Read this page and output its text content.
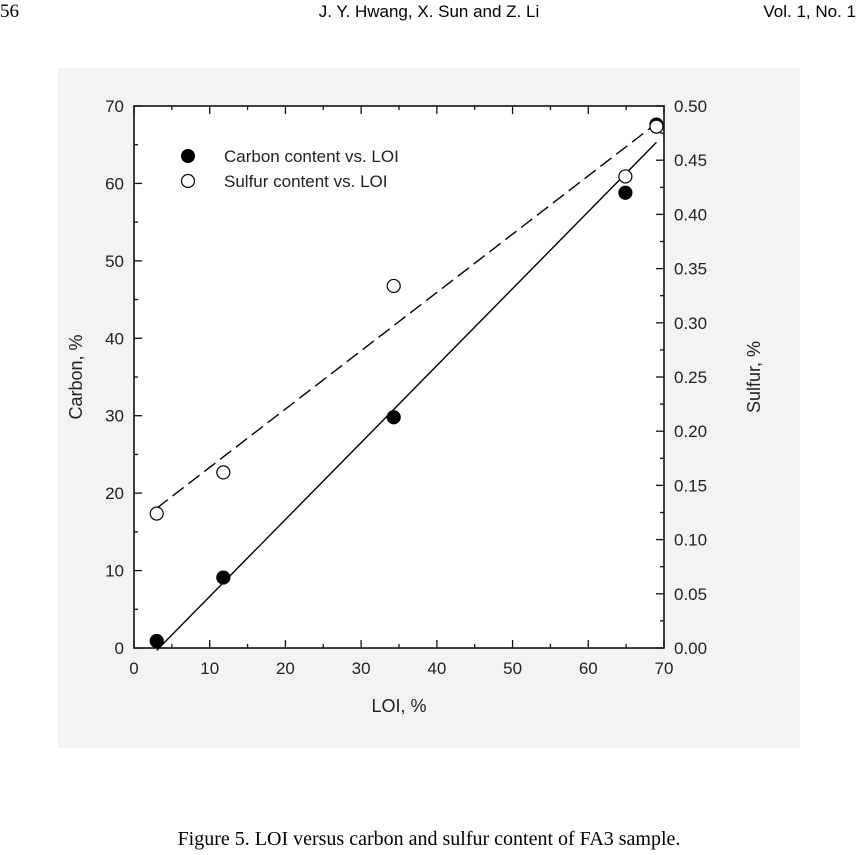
56	J. Y. Hwang, X. Sun and Z. Li	Vol. 1, No. 1
0	10	20	30	40	50	60	70
0
10
20
30
40
50
60
70
0.00
0.05
0.10
0.15
0.20
0.25
0.30
0.35
0.40
0.45
0.50
LOI, %
Carbon, %	Sulfur, %
Carbon content vs. LOI
Sulfur content vs. LOI
Figure 5. LOI versus carbon and sulfur content of FA3 sample.
